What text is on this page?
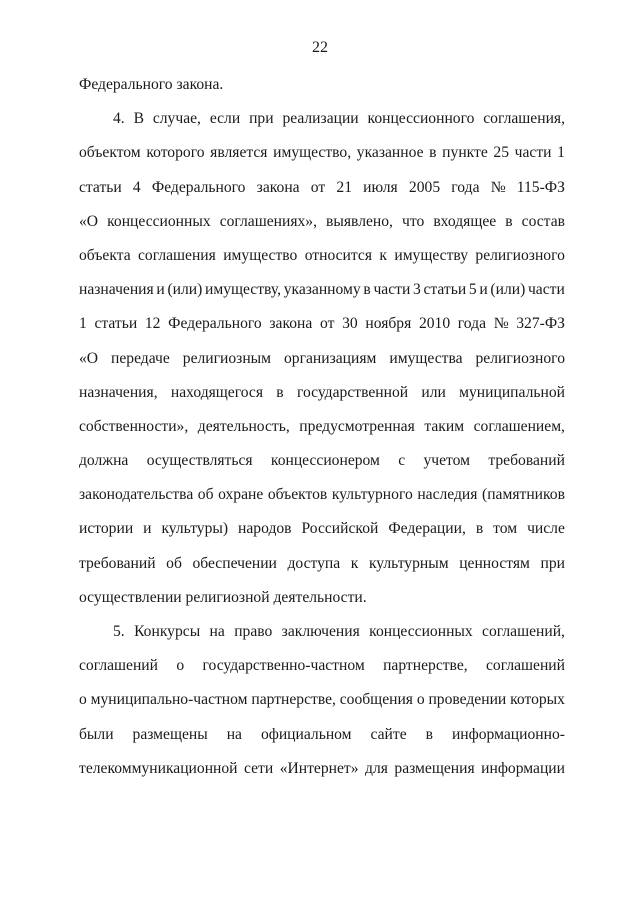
22
Федерального закона.
4. В случае, если при реализации концессионного соглашения,
объектом которого является имущество, указанное в пункте 25 части 1
статьи 4 Федерального закона от 21 июля 2005 года № 115-ФЗ
«О концессионных соглашениях», выявлено, что входящее в состав
объекта соглашения имущество относится к имуществу религиозного
назначения и (или) имуществу, указанному в части 3 статьи 5 и (или) части
1 статьи 12 Федерального закона от 30 ноября 2010 года № 327-ФЗ
«О передаче религиозным организациям имущества религиозного
назначения, находящегося в государственной или муниципальной
собственности», деятельность, предусмотренная таким соглашением,
должна осуществляться концессионером с учетом требований
законодательства об охране объектов культурного наследия (памятников
истории и культуры) народов Российской Федерации, в том числе
требований об обеспечении доступа к культурным ценностям при
осуществлении религиозной деятельности.
5. Конкурсы на право заключения концессионных соглашений,
соглашений о государственно-частном партнерстве, соглашений
о муниципально-частном партнерстве, сообщения о проведении которых
были размещены на официальном сайте в информационно-
телекоммуникационной сети «Интернет» для размещения информации
